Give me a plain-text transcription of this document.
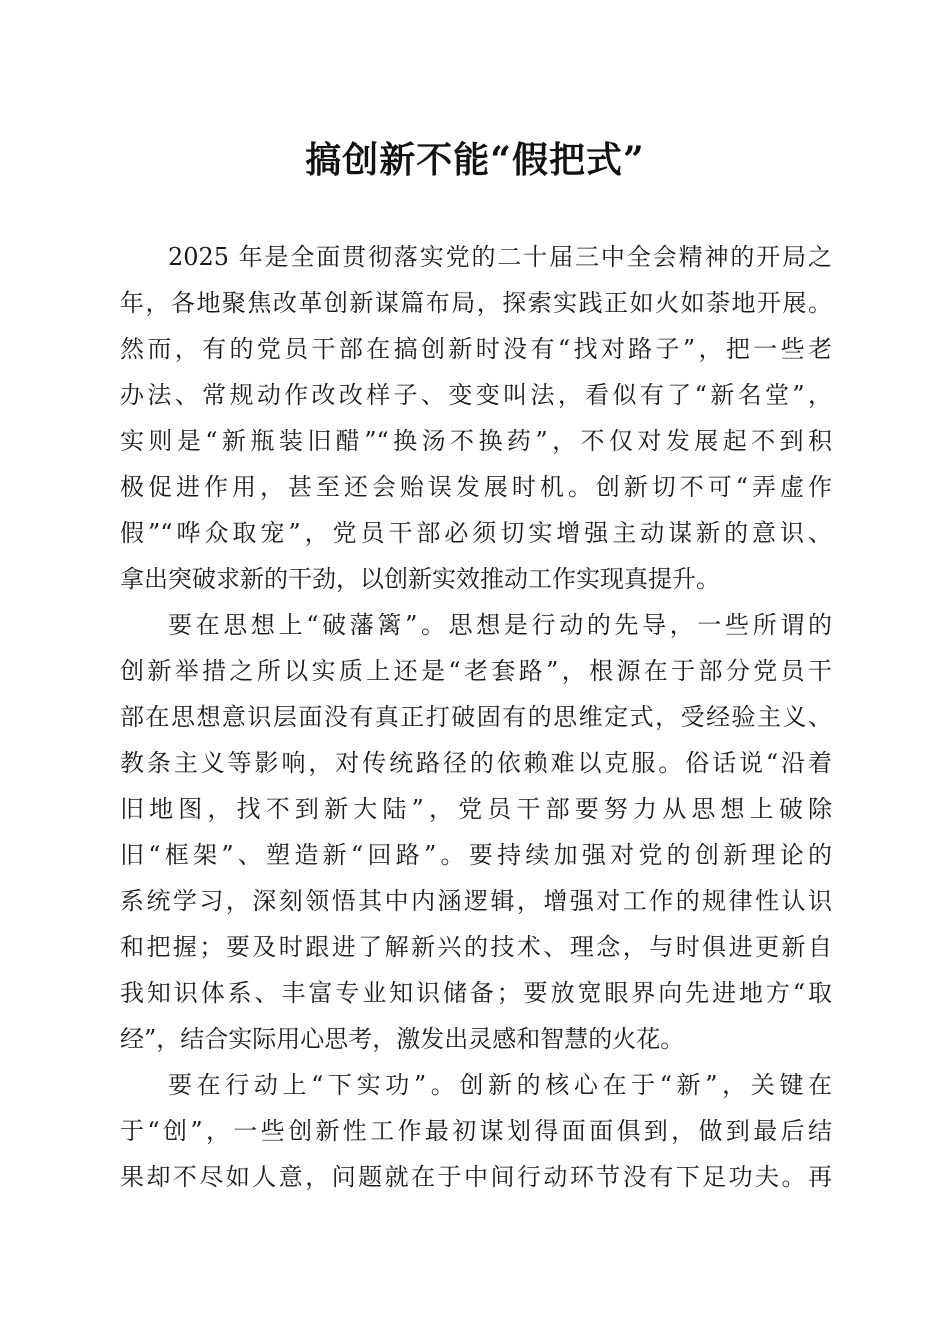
搞创新不能“假把式”
2025 年是全面贯彻落实党的二十届三中全会精神的开局之
年，各地聚焦改革创新谋篇布局，探索实践正如火如荼地开展。
然而，有的党员干部在搞创新时没有“找对路子”，把一些老
办法、常规动作改改样子、变变叫法，看似有了“新名堂”，
实则是“新瓶装旧醋”“换汤不换药”，不仅对发展起不到积
极促进作用，甚至还会贻误发展时机。创新切不可“弄虚作
假”“哗众取宠”，党员干部必须切实增强主动谋新的意识、
拿出突破求新的干劲，以创新实效推动工作实现真提升。
要在思想上“破藩篱”。思想是行动的先导，一些所谓的
创新举措之所以实质上还是“老套路”，根源在于部分党员干
部在思想意识层面没有真正打破固有的思维定式，受经验主义、
教条主义等影响，对传统路径的依赖难以克服。俗话说“沿着
旧地图，找不到新大陆”，党员干部要努力从思想上破除
旧“框架”、塑造新“回路”。要持续加强对党的创新理论的
系统学习，深刻领悟其中内涵逻辑，增强对工作的规律性认识
和把握；要及时跟进了解新兴的技术、理念，与时俱进更新自
我知识体系、丰富专业知识储备；要放宽眼界向先进地方“取
经”，结合实际用心思考，激发出灵感和智慧的火花。
要在行动上“下实功”。创新的核心在于“新”，关键在
于“创”，一些创新性工作最初谋划得面面俱到，做到最后结
果却不尽如人意，问题就在于中间行动环节没有下足功夫。再
